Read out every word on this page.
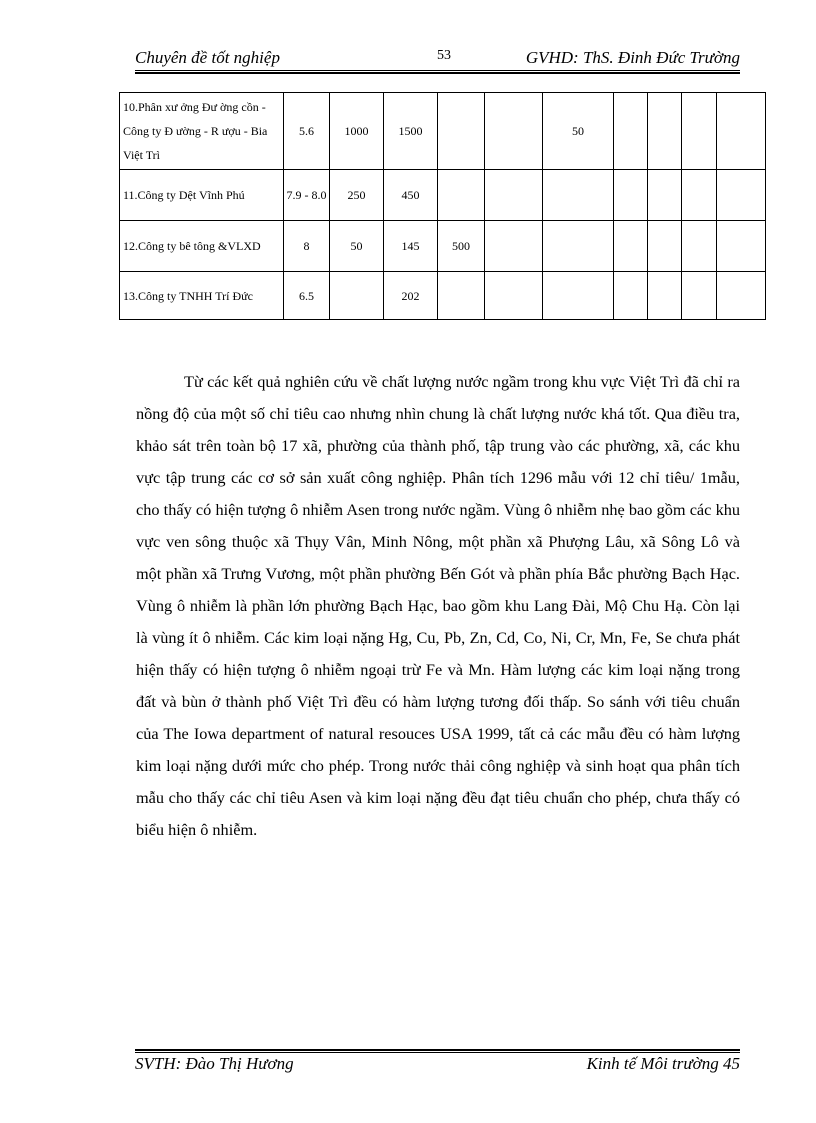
Chuyên đề tốt nghiệp	53	GVHD: ThS. Đinh Đức Trường
10.Phân xư ởng Đư ờng cồn - Công ty Đ ường - R ượu - Bia Việt Trì	5.6	1000	1500			50				
11.Công ty Dệt Vĩnh Phú	7.9 - 8.0	250	450							
12.Công ty bê tông &VLXD	8	50	145	500						
13.Công ty TNHH Trí Đức	6.5		202							

Từ các kết quả nghiên cứu về chất lượng nước ngầm trong khu vực Việt Trì đã chỉ ra nồng độ của một số chỉ tiêu cao nhưng nhìn chung là chất lượng nước khá tốt. Qua điều tra, khảo sát trên toàn bộ 17 xã, phường của thành phố, tập trung vào các phường, xã, các khu vực tập trung các cơ sở sản xuất công nghiệp. Phân tích 1296 mẫu với 12 chỉ tiêu/ 1mẫu, cho thấy có hiện tượng ô nhiễm Asen trong nước ngầm. Vùng ô nhiễm nhẹ bao gồm các khu vực ven sông thuộc xã Thụy Vân, Minh Nông, một phần xã Phượng Lâu, xã Sông Lô và một phần xã Trưng Vương, một phần phường Bến Gót và phần phía Bắc phường Bạch Hạc. Vùng ô nhiễm là phần lớn phường Bạch Hạc, bao gồm khu Lang Đài, Mộ Chu Hạ. Còn lại là vùng ít ô nhiễm. Các kim loại nặng Hg, Cu, Pb, Zn, Cd, Co, Ni, Cr, Mn, Fe, Se chưa phát hiện thấy có hiện tượng ô nhiễm ngoại trừ Fe và Mn. Hàm lượng các kim loại nặng trong đất và bùn ở thành phố Việt Trì đều có hàm lượng tương đối thấp. So sánh với tiêu chuẩn của The Iowa department of natural resouces USA 1999, tất cả các mẫu đều có hàm lượng kim loại nặng dưới mức cho phép. Trong nước thải công nghiệp và sinh hoạt qua phân tích mẫu cho thấy các chỉ tiêu Asen và kim loại nặng đều đạt tiêu chuẩn cho phép, chưa thấy có biểu hiện ô nhiễm.

SVTH: Đào Thị Hương	Kinh tế Môi trường 45
